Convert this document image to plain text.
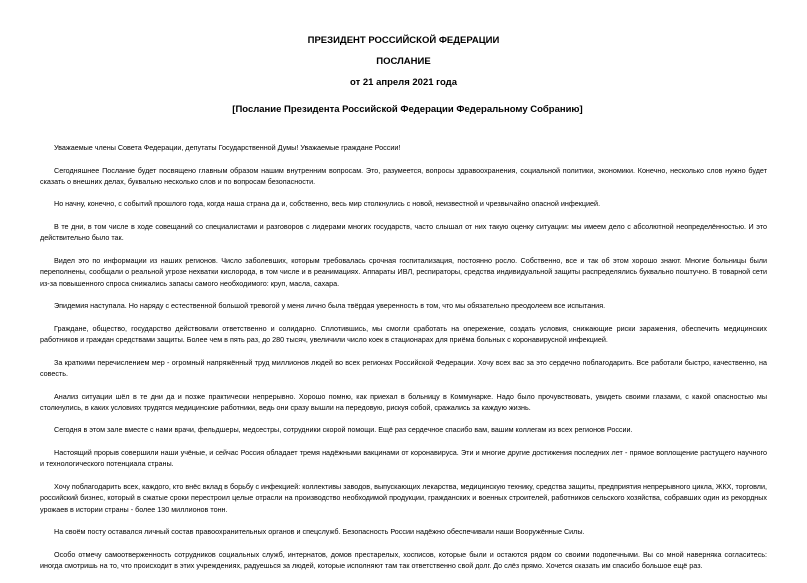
ПРЕЗИДЕНТ РОССИЙСКОЙ ФЕДЕРАЦИИ
ПОСЛАНИЕ
от 21 апреля 2021 года
[Послание Президента Российской Федерации Федеральному Собранию]

Уважаемые члены Совета Федерации, депутаты Государственной Думы! Уважаемые граждане России!

Сегодняшнее Послание будет посвящено главным образом нашим внутренним вопросам. Это, разумеется, вопросы здравоохранения, социальной политики, экономики. Конечно, несколько слов нужно будет сказать о внешних делах, буквально несколько слов и по вопросам безопасности.

Но начну, конечно, с событий прошлого года, когда наша страна да и, собственно, весь мир столкнулись с новой, неизвестной и чрезвычайно опасной инфекцией.

В те дни, в том числе в ходе совещаний со специалистами и разговоров с лидерами многих государств, часто слышал от них такую оценку ситуации: мы имеем дело с абсолютной неопределённостью. И это действительно было так.

Видел это по информации из наших регионов. Число заболевших, которым требовалась срочная госпитализация, постоянно росло. Собственно, все и так об этом хорошо знают. Многие больницы были переполнены, сообщали о реальной угрозе нехватки кислорода, в том числе и в реанимациях. Аппараты ИВЛ, респираторы, средства индивидуальной защиты распределялись буквально поштучно. В товарной сети из-за повышенного спроса снижались запасы самого необходимого: круп, масла, сахара.

Эпидемия наступала. Но наряду с естественной большой тревогой у меня лично была твёрдая уверенность в том, что мы обязательно преодолеем все испытания.

Граждане, общество, государство действовали ответственно и солидарно. Сплотившись, мы смогли сработать на опережение, создать условия, снижающие риски заражения, обеспечить медицинских работников и граждан средствами защиты. Более чем в пять раз, до 280 тысяч, увеличили число коек в стационарах для приёма больных с коронавирусной инфекцией.

За краткими перечислением мер - огромный напряжённый труд миллионов людей во всех регионах Российской Федерации. Хочу всех вас за это сердечно поблагодарить. Все работали быстро, качественно, на совесть.

Анализ ситуации шёл в те дни да и позже практически непрерывно. Хорошо помню, как приехал в больницу в Коммунарке. Надо было прочувствовать, увидеть своими глазами, с какой опасностью мы столкнулись, в каких условиях трудятся медицинские работники, ведь они сразу вышли на передовую, рискуя собой, сражались за каждую жизнь.

Сегодня в этом зале вместе с нами врачи, фельдшеры, медсестры, сотрудники скорой помощи. Ещё раз сердечное спасибо вам, вашим коллегам из всех регионов России.

Настоящий прорыв совершили наши учёные, и сейчас Россия обладает тремя надёжными вакцинами от коронавируса. Эти и многие другие достижения последних лет - прямое воплощение растущего научного и технологического потенциала страны.

Хочу поблагодарить всех, каждого, кто внёс вклад в борьбу с инфекцией: коллективы заводов, выпускающих лекарства, медицинскую технику, средства защиты, предприятия непрерывного цикла, ЖКХ, торговли, российский бизнес, который в сжатые сроки перестроил целые отрасли на производство необходимой продукции, гражданских и военных строителей, работников сельского хозяйства, собравших один из рекордных урожаев в истории страны - более 130 миллионов тонн.

На своём посту оставался личный состав правоохранительных органов и спецслужб. Безопасность России надёжно обеспечивали наши Вооружённые Силы.

Особо отмечу самоотверженность сотрудников социальных служб, интернатов, домов престарелых, хосписов, которые были и остаются рядом со своими подопечными. Вы со мной наверняка согласитесь: иногда смотришь на то, что происходит в этих учреждениях, радуешься за людей, которые исполняют там так ответственно свой долг. До слёз прямо. Хочется сказать им спасибо большое ещё раз.
